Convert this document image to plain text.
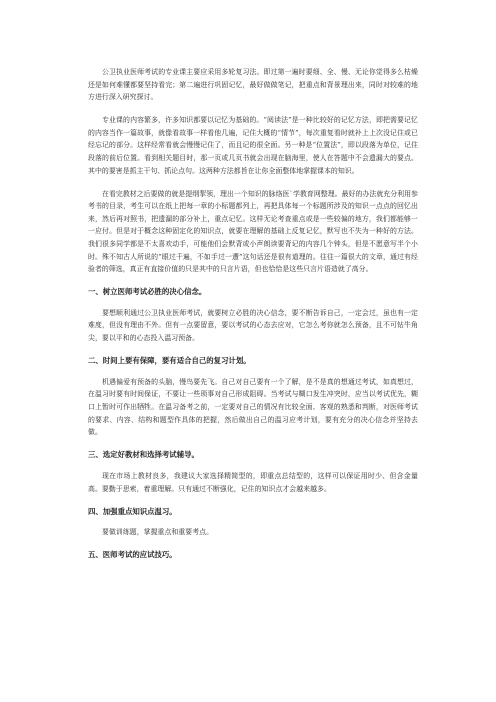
公卫执业医师考试的专业课主要应采用多轮复习法。即过第一遍时要细、全、慢、无论你觉得多么枯燥还是如何难懂都要坚持看完；第二遍进行巩固记忆，最好做做笔记，把重点和背景理出来，同时对较难的地方进行深入研究探讨。

专业课的内容繁多，许多知识都要以记忆为基础的。“阅读法”是一种比较好的记忆方法，即把需要记忆的内容当作一篇故事，就像看故事一样看他几遍，记住大概的“情节”，每次重复看时就补上上次没记住或已经忘记的部分。这样经常看就会慢慢记住了，而且记的很全面。另一种是“位置法”，即以段落为单位，记住段落的前后位置。看到相关题目时，那一页或几页书就会出现在脑海里，使人在答题中不会遗漏大的要点。其中的要害是抓主干句、抓论点句。这两种方法都旨在让你全面整体地掌握课本的知识。

在看完教材之后要做的就是提纲挈领，理出一个知识的脉络医`学教育网整理。最好的办法就充分利用参考书的目录，考生可以在纸上把每一章的小标题都列上，再把具体每一个标题所涉及的知识一点点的回忆出来，然后再对照书，把遗漏的部分补上，重点记忆。这样无论考查重点或是一些较偏的地方，我们都能够一一应付。但是对于概念这种固定化的知识点，就要在理解的基础上反复记忆，默写也不失为一种好的方法。我们很多同学都是不太喜欢动手，可能他们会默背或小声朗读要背记的内容几个钟头，但是不愿意写半个小时。殊不知古人所说的“眼过千遍，不如手过一遭”这句话还是很有道理的。往往一篇很大的文章，通过有经验者的筛选，真正有直接价值的只是其中的只言片语，但也恰恰是这些只言片语造就了高分。

一、树立医师考试必胜的决心信念。

要想顺利通过公卫执业医师考试，就要树立必胜的决心信念，要不断告诉自己，一定会过，虽也有一定难度，但没有理由不外。但有一点要留意，要以考试的心态去应对，它怎么考你就怎么预备，且不可钻牛角尖，要以平和的心态投入温习预备。

二、时间上要有保障，要有适合自己的复习计划。

机遇偏爱有预备的头脑，慢鸟要先飞。自己对自己要有一个了解，是不是真的想通过考试，如真想过，在温习时要有时间保证，不要让一些琐事对自己形成阻碍。当考试与糊口发生冲突时，应当以考试优先，糊口上暂时可作出牺牲。在温习备考之前，一定要对自己的情况有比较全面、客观的熟悉和判断，对医师考试的要求、内容、结构和题型作具体的把握，然后做出自己的温习应考计划，要有充分的决心信念并坚持去做。

三、选定好教材和选择考试辅导。

现在市场上教材良多，我建议大家选择精简型的，即重点总结型的，这样可以保证用时少、但含金量高。要勤于思索，着重理解。只有通过不断强化，记住的知识点才会越来越多。

四、加强重点知识点温习。

要做训练题，掌握重点和重要考点。

五、医师考试的应试技巧。
